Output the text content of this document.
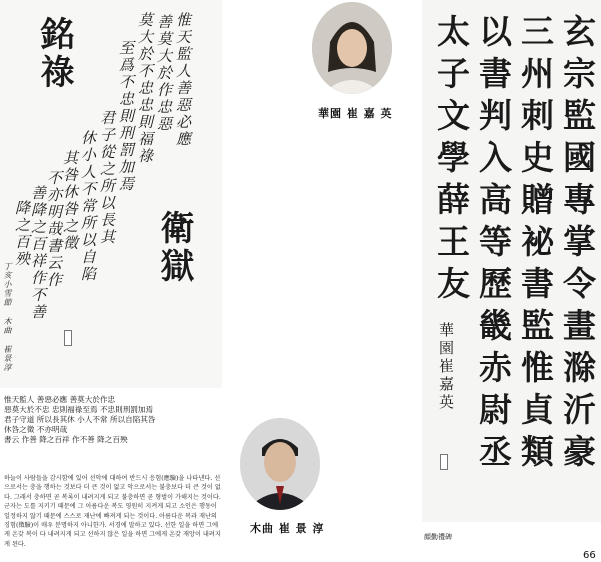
銘祿	惟天監人善惡必應
善莫大於作忠惡
莫大於不忠忠則福祿
至爲不忠則刑罰加焉
君子從之所以長其
休小人不常所以自陷
其咎休咎之徵
不亦明哉書云作
善降之百祥作不善
降之百殃	衛獄
丁亥小雪節 木曲 崔景淳
華園 崔 嘉 英	玄宗監國專掌令畫滁沂豪
三州刺史贈袐書監惟貞類
以書判入高等歷畿赤尉丞
太子文學薛王友
華園崔嘉英
木曲 崔 景 淳
惟天監人 善惡必應 善莫大於作忠
惡莫大於不忠 忠則福祿至焉 不忠則刑罰加焉
君子守道 所以長其休 小人不常 所以自陷其咎
休咎之徵 不亦明哉
書云 作善 降之百祥 作不善 降之百殃
하늘이 사람들을 감시함에 있어 선악에 대하여 반드시 응험(應驗)을 나타낸다. 선으로서는 충을 행하는 것보다 더 큰 것이 없고 악으로서는 불충보다 더 큰 것이 없다. 그래서 충하면 곧 복록이 내려지게 되고 불충하면 곧 형벌이 가해지는 것이다. 군자는 도를 지키기 때문에 그 아름다운 복도 영원히 지켜게 되고 소인은 행동이 일정하지 않기 때문에 스스로 재난에 빠져게 되는 것이다. 아름다운 복과 재난의 징험(徵驗)이 매우 분명하지 아니한가. 서경에 말하고 있다. 선한 일을 하면 그에게 온갖 복이 다 내려지게 되고 선하지 않은 일을 하면 그에게 온갖 재앙이 내려지게 된다.
顔勤禮碑
66
